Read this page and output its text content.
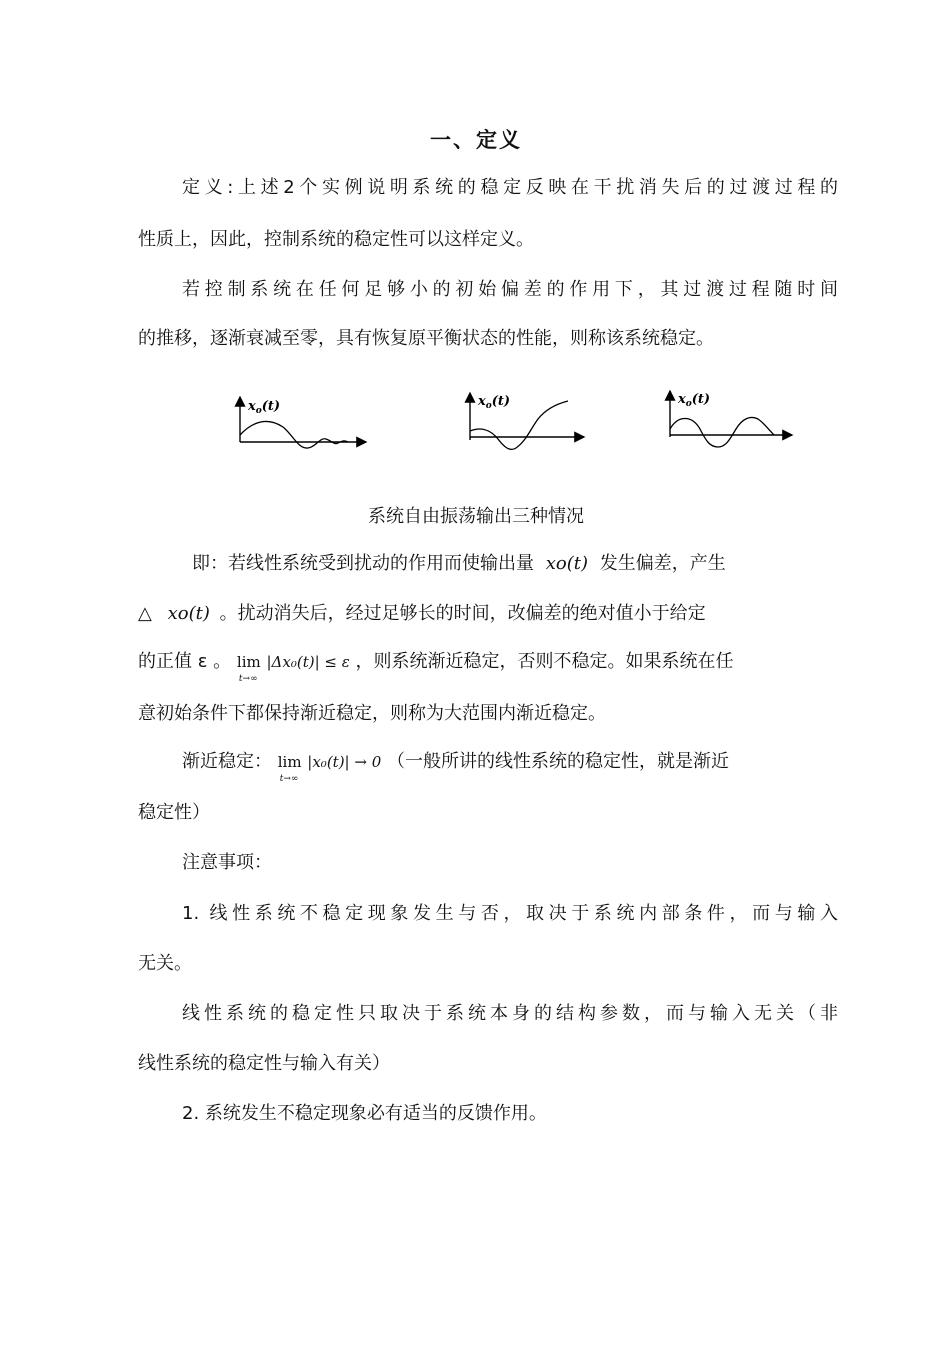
一、定义
定义:上述2个实例说明系统的稳定反映在干扰消失后的过渡过程的
性质上，因此，控制系统的稳定性可以这样定义。
若控制系统在任何足够小的初始偏差的作用下，其过渡过程随时间
的推移，逐渐衰减至零，具有恢复原平衡状态的性能，则称该系统稳定。
$x_o(t)$	$x_o(t)$	$x_o(t)$
系统自由振荡输出三种情况
即：若线性系统受到扰动的作用而使输出量 xo(t) 发生偏差，产生
△ xo(t) 。扰动消失后，经过足够长的时间，改偏差的绝对值小于给定
的正值 ε 。 lim
t→∞
|Δx₀(t)| ≤ ε ，则系统渐近稳定，否则不稳定。如果系统在任
意初始条件下都保持渐近稳定，则称为大范围内渐近稳定。
渐近稳定： lim
t→∞
|x₀(t)| → 0 （一般所讲的线性系统的稳定性，就是渐近
稳定性）
注意事项：
1. 线性系统不稳定现象发生与否，取决于系统内部条件，而与输入
无关。
线性系统的稳定性只取决于系统本身的结构参数，而与输入无关（非
线性系统的稳定性与输入有关）
2. 系统发生不稳定现象必有适当的反馈作用。
